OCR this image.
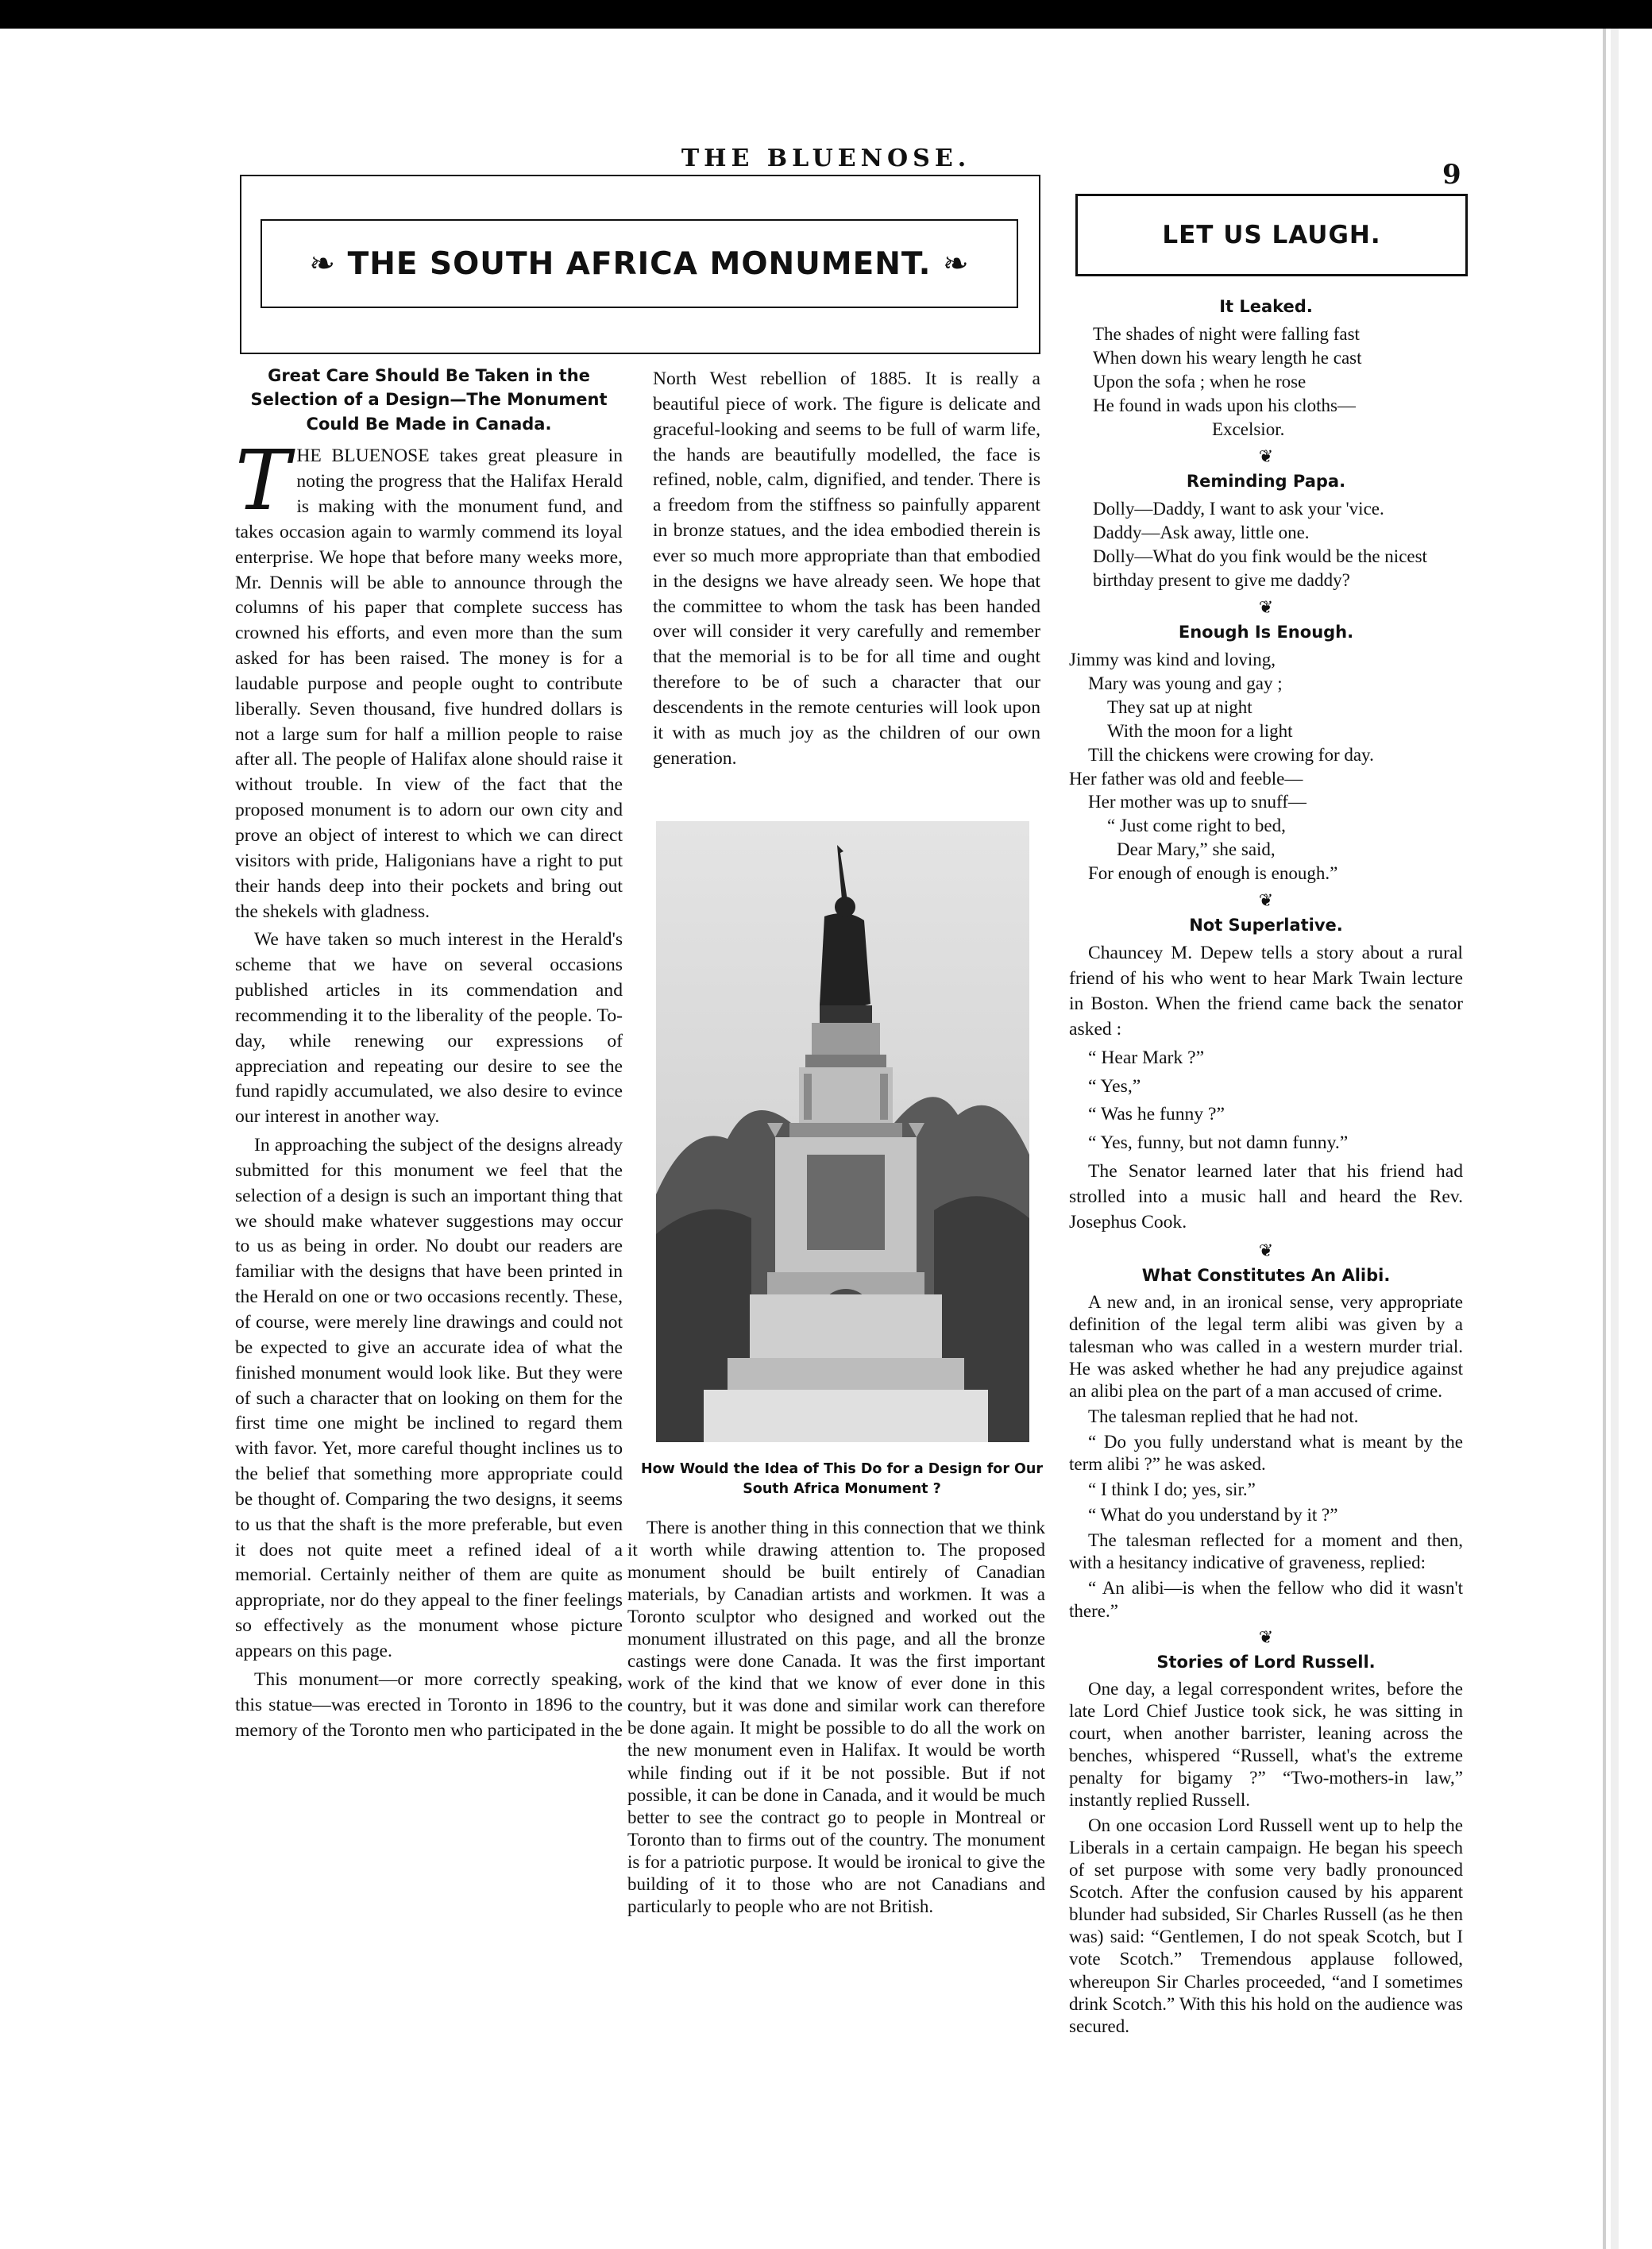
THE BLUENOSE.
9
❧ THE SOUTH AFRICA MONUMENT. ❧
LET US LAUGH.
Great Care Should Be Taken in the Selection of a Design—The Monument Could Be Made in Canada.
T HE BLUENOSE takes great pleasure in noting the progress that the Halifax Herald is making with the monument fund, and takes occasion again to warmly commend its loyal enterprise. We hope that before many weeks more, Mr. Dennis will be able to announce through the columns of his paper that complete success has crowned his efforts, and even more than the sum asked for has been raised. The money is for a laudable purpose and people ought to contribute liberally. Seven thousand, five hundred dollars is not a large sum for half a million people to raise after all. The people of Halifax alone should raise it without trouble. In view of the fact that the proposed monument is to adorn our own city and prove an object of interest to which we can direct visitors with pride, Haligonians have a right to put their hands deep into their pockets and bring out the shekels with gladness.

We have taken so much interest in the Herald's scheme that we have on several occasions published articles in its commendation and recommending it to the liberality of the people. To-day, while renewing our expressions of appreciation and repeating our desire to see the fund rapidly accumulated, we also desire to evince our interest in another way.

In approaching the subject of the designs already submitted for this monument we feel that the selection of a design is such an important thing that we should make whatever suggestions may occur to us as being in order. No doubt our readers are familiar with the designs that have been printed in the Herald on one or two occasions recently. These, of course, were merely line drawings and could not be expected to give an accurate idea of what the finished monument would look like. But they were of such a character that on looking on them for the first time one might be inclined to regard them with favor. Yet, more careful thought inclines us to the belief that something more appropriate could be thought of. Comparing the two designs, it seems to us that the shaft is the more preferable, but even it does not quite meet a refined ideal of a memorial. Certainly neither of them are quite as appropriate, nor do they appeal to the finer feelings so effectively as the monument whose picture appears on this page.

This monument—or more correctly speaking, this statue—was erected in Toronto in 1896 to the memory of the Toronto men who participated in the

North West rebellion of 1885. It is really a beautiful piece of work. The figure is delicate and graceful-looking and seems to be full of warm life, the hands are beautifully modelled, the face is refined, noble, calm, dignified, and tender. There is a freedom from the stiffness so painfully apparent in bronze statues, and the idea embodied therein is ever so much more appropriate than that embodied in the designs we have already seen. We hope that the committee to whom the task has been handed over will consider it very carefully and remember that the memorial is to be for all time and ought therefore to be of such a character that our descendents in the remote centuries will look upon it with as much joy as the children of our own generation.

How Would the Idea of This Do for a Design for Our South Africa Monument ?

There is another thing in this connection that we think it worth while drawing attention to. The proposed monument should be built entirely of Canadian materials, by Canadian artists and workmen. It was a Toronto sculptor who designed and worked out the monument illustrated on this page, and all the bronze castings were done Canada. It was the first important work of the kind that we know of ever done in this country, but it was done and similar work can therefore be done again. It might be possible to do all the work on the new monument even in Halifax. It would be worth while finding out if it be not possible. But if not possible, it can be done in Canada, and it would be much better to see the contract go to people in Montreal or Toronto than to firms out of the country. The monument is for a patriotic purpose. It would be ironical to give the building of it to those who are not Canadians and particularly to people who are not British.

It Leaked.
The shades of night were falling fast
When down his weary length he cast
Upon the sofa ; when he rose
He found in wads upon his cloths—
Excelsior.
❦
Reminding Papa.
Dolly—Daddy, I want to ask your 'vice.
Daddy—Ask away, little one.
Dolly—What do you fink would be the nicest birthday present to give me daddy?
❦
Enough Is Enough.
Jimmy was kind and loving,
Mary was young and gay ;
They sat up at night
With the moon for a light
Till the chickens were crowing for day.
Her father was old and feeble—
Her mother was up to snuff—
“ Just come right to bed,
Dear Mary,” she said,
For enough of enough is enough.”
❦
Not Superlative.

Chauncey M. Depew tells a story about a rural friend of his who went to hear Mark Twain lecture in Boston. When the friend came back the senator asked :

“ Hear Mark ?”

“ Yes,”

“ Was he funny ?”

“ Yes, funny, but not damn funny.”

The Senator learned later that his friend had strolled into a music hall and heard the Rev. Josephus Cook.

❦
What Constitutes An Alibi.

A new and, in an ironical sense, very appropriate definition of the legal term alibi was given by a talesman who was called in a western murder trial. He was asked whether he had any prejudice against an alibi plea on the part of a man accused of crime.

The talesman replied that he had not.

“ Do you fully understand what is meant by the term alibi ?” he was asked.

“ I think I do; yes, sir.”

“ What do you understand by it ?”

The talesman reflected for a moment and then, with a hesitancy indicative of graveness, replied:

“ An alibi—is when the fellow who did it wasn't there.”

❦
Stories of Lord Russell.

One day, a legal correspondent writes, before the late Lord Chief Justice took sick, he was sitting in court, when another barrister, leaning across the benches, whispered “Russell, what's the extreme penalty for bigamy ?” “Two-mothers-in law,” instantly replied Russell.

On one occasion Lord Russell went up to help the Liberals in a certain campaign. He began his speech of set purpose with some very badly pronounced Scotch. After the confusion caused by his apparent blunder had subsided, Sir Charles Russell (as he then was) said: “Gentlemen, I do not speak Scotch, but I vote Scotch.” Tremendous applause followed, whereupon Sir Charles proceeded, “and I sometimes drink Scotch.” With this his hold on the audience was secured.
